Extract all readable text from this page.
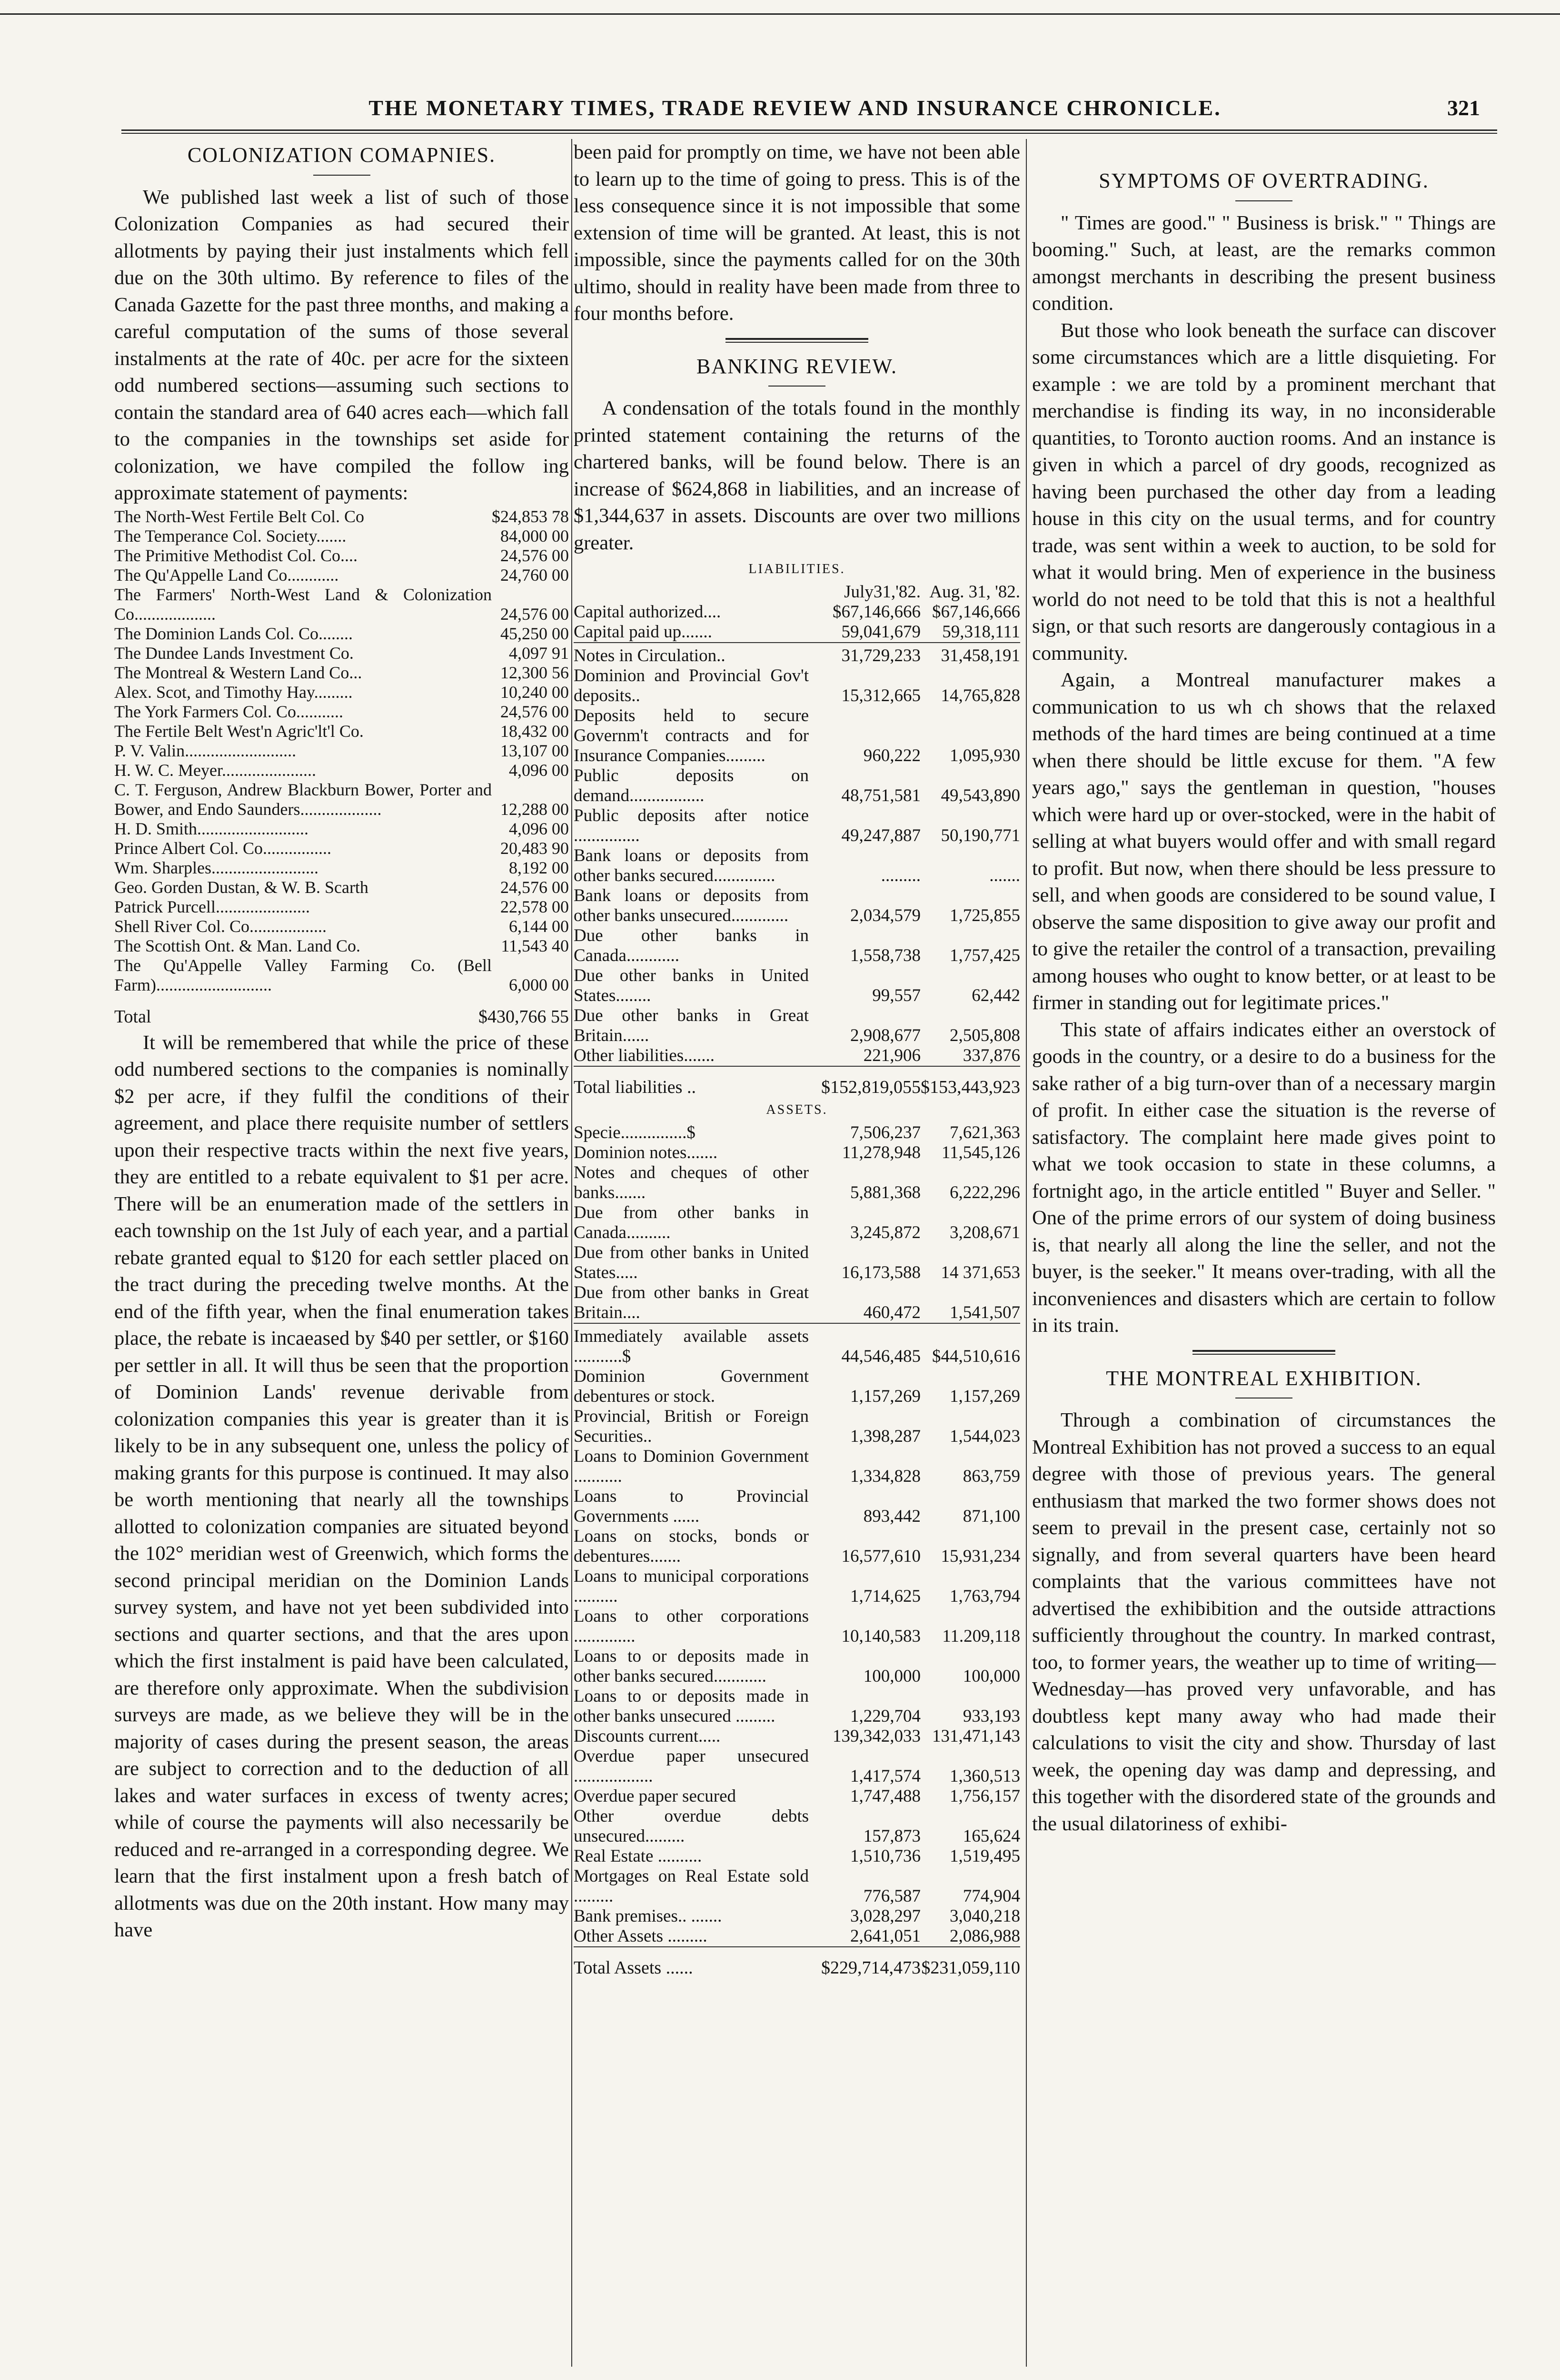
THE MONETARY TIMES, TRADE REVIEW AND INSURANCE CHRONICLE.	321
COLONIZATION COMAPNIES.

We published last week a list of such of those Colonization Companies as had secured their allotments by paying their just instalments which fell due on the 30th ultimo. By reference to files of the Canada Gazette for the past three months, and making a careful computation of the sums of those several instalments at the rate of 40c. per acre for the sixteen odd numbered sections—assuming such sections to contain the standard area of 640 acres each—which fall to the companies in the townships set aside for colonization, we have compiled the follow ing approximate statement of payments:

The North-West Fertile Belt Col. Co	$24,853 78
The Temperance Col. Society.......	84,000 00
The Primitive Methodist Col. Co....	24,576 00
The Qu'Appelle Land Co............	24,760 00
The Farmers' North-West Land & Colonization Co...................	24,576 00
The Dominion Lands Col. Co........	45,250 00
The Dundee Lands Investment Co.	4,097 91
The Montreal & Western Land Co...	12,300 56
Alex. Scot, and Timothy Hay.........	10,240 00
The York Farmers Col. Co...........	24,576 00
The Fertile Belt West'n Agric'lt'l Co.	18,432 00
P. V. Valin..........................	13,107 00
H. W. C. Meyer......................	4,096 00
C. T. Ferguson, Andrew Blackburn Bower, Porter and Bower, and Endo Saunders...................	12,288 00
H. D. Smith..........................	4,096 00
Prince Albert Col. Co................	20,483 90
Wm. Sharples.........................	8,192 00
Geo. Gorden Dustan, & W. B. Scarth	24,576 00
Patrick Purcell......................	22,578 00
Shell River Col. Co..................	6,144 00
The Scottish Ont. & Man. Land Co.	11,543 40
The Qu'Appelle Valley Farming Co. (Bell Farm)...........................	6,000 00
Total	$430,766 55

It will be remembered that while the price of these odd numbered sections to the companies is nominally $2 per acre, if they fulfil the conditions of their agreement, and place there requisite number of settlers upon their respective tracts within the next five years, they are entitled to a rebate equivalent to $1 per acre. There will be an enumeration made of the settlers in each township on the 1st July of each year, and a partial rebate granted equal to $120 for each settler placed on the tract during the preceding twelve months. At the end of the fifth year, when the final enumeration takes place, the rebate is incaeased by $40 per settler, or $160 per settler in all. It will thus be seen that the proportion of Dominion Lands' revenue derivable from colonization companies this year is greater than it is likely to be in any subsequent one, unless the policy of making grants for this purpose is continued. It may also be worth mentioning that nearly all the townships allotted to colonization companies are situated beyond the 102° meridian west of Greenwich, which forms the second principal meridian on the Dominion Lands survey system, and have not yet been subdivided into sections and quarter sections, and that the ares upon which the first instalment is paid have been calculated, are therefore only approximate. When the subdivision surveys are made, as we believe they will be in the majority of cases during the present season, the areas are subject to correction and to the deduction of all lakes and water surfaces in excess of twenty acres; while of course the payments will also necessarily be reduced and re-arranged in a corresponding degree. We learn that the first instalment upon a fresh batch of allotments was due on the 20th instant. How many may have

been paid for promptly on time, we have not been able to learn up to the time of going to press. This is of the less consequence since it is not impossible that some extension of time will be granted. At least, this is not impossible, since the payments called for on the 30th ultimo, should in reality have been made from three to four months before.

BANKING REVIEW.

A condensation of the totals found in the monthly printed statement containing the returns of the chartered banks, will be found below. There is an increase of $624,868 in liabilities, and an increase of $1,344,637 in assets. Discounts are over two millions greater.

LIABILITIES.		
	July31,'82.	Aug. 31, '82.
Capital authorized....	$67,146,666	$67,146,666
Capital paid up.......	59,041,679	59,318,111

Notes in Circulation..	31,729,233	31,458,191
Dominion and Provincial Gov't deposits..	15,312,665	14,765,828
Deposits held to secure Governm't contracts and for Insurance Companies.........	960,222	1,095,930
Public deposits on demand.................	48,751,581	49,543,890
Public deposits after notice ...............	49,247,887	50,190,771
Bank loans or deposits from other banks secured..............	.........	.......
Bank loans or deposits from other banks unsecured.............	2,034,579	1,725,855
Due other banks in Canada............	1,558,738	1,757,425
Due other banks in United States........	99,557	62,442
Due other banks in Great Britain......	2,908,677	2,505,808
Other liabilities.......	221,906	337,876

Total liabilities ..	$152,819,055	$153,443,923
ASSETS.		
Specie...............$	7,506,237	7,621,363
Dominion notes.......	11,278,948	11,545,126
Notes and cheques of other banks.......	5,881,368	6,222,296
Due from other banks in Canada..........	3,245,872	3,208,671
Due from other banks in United States.....	16,173,588	14 371,653
Due from other banks in Great Britain....	460,472	1,541,507

Immediately available assets ...........$	44,546,485	$44,510,616
Dominion Government debentures or stock.	1,157,269	1,157,269
Provincial, British or Foreign Securities..	1,398,287	1,544,023
Loans to Dominion Government ...........	1,334,828	863,759
Loans to Provincial Governments ......	893,442	871,100
Loans on stocks, bonds or debentures.......	16,577,610	15,931,234
Loans to municipal corporations ..........	1,714,625	1,763,794
Loans to other corporations ..............	10,140,583	11.209,118
Loans to or deposits made in other banks secured............	100,000	100,000
Loans to or deposits made in other banks unsecured .........	1,229,704	933,193
Discounts current.....	139,342,033	131,471,143
Overdue paper unsecured ..................	1,417,574	1,360,513
Overdue paper secured	1,747,488	1,756,157
Other overdue debts unsecured.........	157,873	165,624
Real Estate ..........	1,510,736	1,519,495
Mortgages on Real Estate sold .........	776,587	774,904
Bank premises.. .......	3,028,297	3,040,218
Other Assets .........	2,641,051	2,086,988

Total Assets ......	$229,714,473	$231,059,110
SYMPTOMS OF OVERTRADING.

" Times are good." " Business is brisk." " Things are booming." Such, at least, are the remarks common amongst merchants in describing the present business condition.

But those who look beneath the surface can discover some circumstances which are a little disquieting. For example : we are told by a prominent merchant that merchandise is finding its way, in no inconsiderable quantities, to Toronto auction rooms. And an instance is given in which a parcel of dry goods, recognized as having been purchased the other day from a leading house in this city on the usual terms, and for country trade, was sent within a week to auction, to be sold for what it would bring. Men of experience in the business world do not need to be told that this is not a healthful sign, or that such resorts are dangerously contagious in a community.

Again, a Montreal manufacturer makes a communication to us wh ch shows that the relaxed methods of the hard times are being continued at a time when there should be little excuse for them. "A few years ago," says the gentleman in question, "houses which were hard up or over-stocked, were in the habit of selling at what buyers would offer and with small regard to profit. But now, when there should be less pressure to sell, and when goods are considered to be sound value, I observe the same disposition to give away our profit and to give the retailer the control of a transaction, prevailing among houses who ought to know better, or at least to be firmer in standing out for legitimate prices."

This state of affairs indicates either an overstock of goods in the country, or a desire to do a business for the sake rather of a big turn-over than of a necessary margin of profit. In either case the situation is the reverse of satisfactory. The complaint here made gives point to what we took occasion to state in these columns, a fortnight ago, in the article entitled " Buyer and Seller. " One of the prime errors of our system of doing business is, that nearly all along the line the seller, and not the buyer, is the seeker." It means over-trading, with all the inconveniences and disasters which are certain to follow in its train.

THE MONTREAL EXHIBITION.

Through a combination of circumstances the Montreal Exhibition has not proved a success to an equal degree with those of previous years. The general enthusiasm that marked the two former shows does not seem to prevail in the present case, certainly not so signally, and from several quarters have been heard complaints that the various committees have not advertised the exhibibition and the outside attractions sufficiently throughout the country. In marked contrast, too, to former years, the weather up to time of writing—Wednesday—has proved very unfavorable, and has doubtless kept many away who had made their calculations to visit the city and show. Thursday of last week, the opening day was damp and depressing, and this together with the disordered state of the grounds and the usual dilatoriness of exhibi-
